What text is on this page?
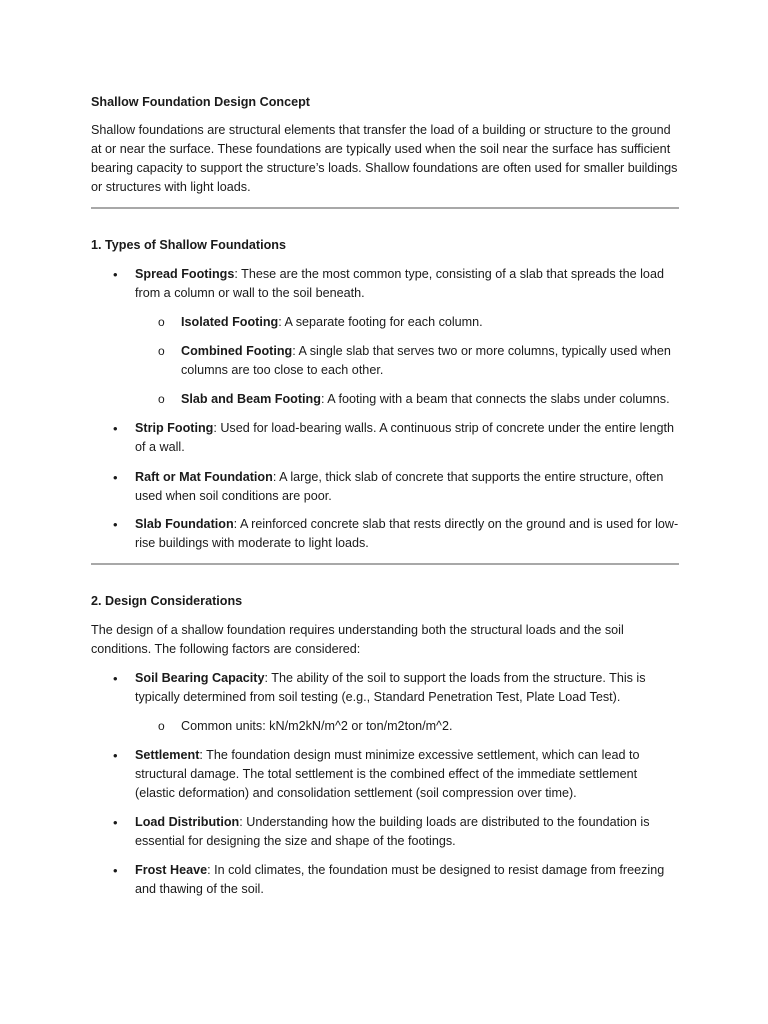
Shallow Foundation Design Concept

Shallow foundations are structural elements that transfer the load of a building or structure to the ground at or near the surface. These foundations are typically used when the soil near the surface has sufficient bearing capacity to support the structure’s loads. Shallow foundations are often used for smaller buildings or structures with light loads.

1. Types of Shallow Foundations

• Spread Footings: These are the most common type, consisting of a slab that spreads the load from a column or wall to the soil beneath.

o Isolated Footing: A separate footing for each column.

o Combined Footing: A single slab that serves two or more columns, typically used when columns are too close to each other.

o Slab and Beam Footing: A footing with a beam that connects the slabs under columns.

• Strip Footing: Used for load-bearing walls. A continuous strip of concrete under the entire length of a wall.

• Raft or Mat Foundation: A large, thick slab of concrete that supports the entire structure, often used when soil conditions are poor.

• Slab Foundation: A reinforced concrete slab that rests directly on the ground and is used for low-rise buildings with moderate to light loads.

2. Design Considerations

The design of a shallow foundation requires understanding both the structural loads and the soil conditions. The following factors are considered:

• Soil Bearing Capacity: The ability of the soil to support the loads from the structure. This is typically determined from soil testing (e.g., Standard Penetration Test, Plate Load Test).

o Common units: kN/m2kN/m^2 or ton/m2ton/m^2.

• Settlement: The foundation design must minimize excessive settlement, which can lead to structural damage. The total settlement is the combined effect of the immediate settlement (elastic deformation) and consolidation settlement (soil compression over time).

• Load Distribution: Understanding how the building loads are distributed to the foundation is essential for designing the size and shape of the footings.

• Frost Heave: In cold climates, the foundation must be designed to resist damage from freezing and thawing of the soil.
